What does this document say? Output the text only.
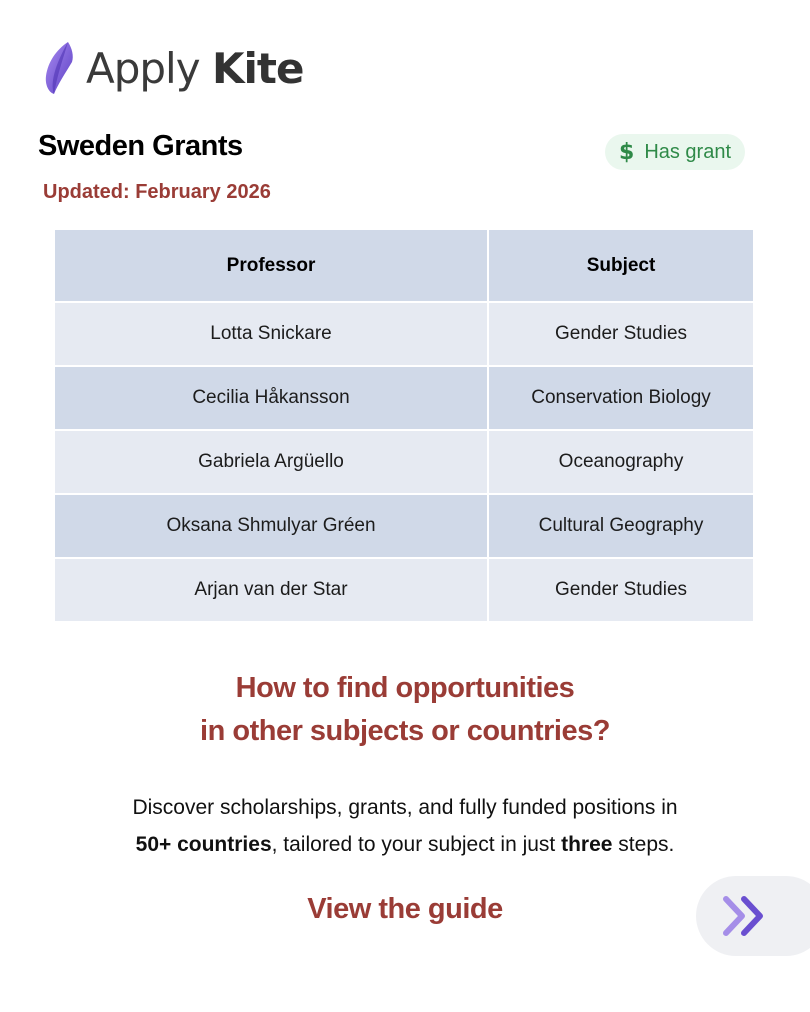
Apply Kite
Sweden Grants
Updated: February 2026
$ Has grant
Professor	Subject
Lotta Snickare	Gender Studies
Cecilia Håkansson	Conservation Biology
Gabriela Argüello	Oceanography
Oksana Shmulyar Gréen	Cultural Geography
Arjan van der Star	Gender Studies
How to find opportunities
in other subjects or countries?
Discover scholarships, grants, and fully funded positions in
50+ countries, tailored to your subject in just three steps.
View the guide
